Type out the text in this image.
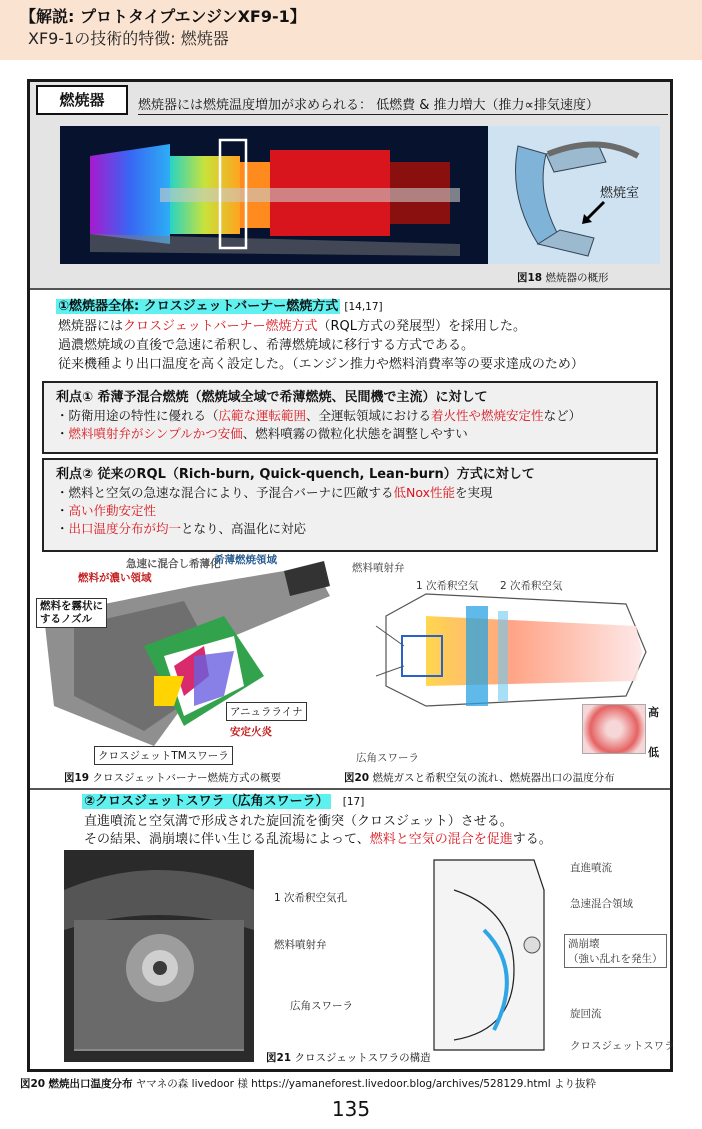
【解説: プロトタイプエンジンXF9-1】
XF9-1の技術的特徴: 燃焼器
燃焼器	燃焼器には燃焼温度増加が求められる： 低燃費 & 推力増大（推力∝排気速度）
燃焼室
図18 燃焼器の概形
①燃焼器全体: クロスジェットバーナー燃焼方式 [14,17]
燃焼器にはクロスジェットバーナー燃焼方式（RQL方式の発展型）を採用した。
過濃燃焼域の直後で急速に希釈し、希薄燃焼域に移行する方式である。
従来機種より出口温度を高く設定した。（エンジン推力や燃料消費率等の要求達成のため）
利点① 希薄予混合燃焼（燃焼域全域で希薄燃焼、民間機で主流）に対して
・防衛用途の特性に優れる（広範な運転範囲、全運転領域における着火性や燃焼安定性など）
・燃料噴射弁がシンプルかつ安価、燃料噴霧の微粒化状態を調整しやすい
利点② 従来のRQL（Rich-burn, Quick-quench, Lean-burn）方式に対して
・燃料と空気の急速な混合により、予混合バーナに匹敵する低Nox性能を実現
・高い作動安定性
・出口温度分布が均一となり、高温化に対応
急速に混合し希薄化
希薄燃焼領域
燃料が濃い領域
燃料を霧状に
するノズル
アニュラライナ
安定火炎
クロスジェットTMスワーラ
図19 クロスジェットバーナー燃焼方式の概要
燃料噴射弁
1 次希釈空気 2 次希釈空気
広角スワーラ
高
低
図20 燃焼ガスと希釈空気の流れ、燃焼器出口の温度分布
②クロスジェットスワラ（広角スワーラ） [17]
直進噴流と空気溝で形成された旋回流を衝突（クロスジェット）させる。
その結果、渦崩壊に伴い生じる乱流場によって、燃料と空気の混合を促進する。
1 次希釈空気孔
燃料噴射弁
広角スワーラ
直進噴流
急速混合領域
渦崩壊
（強い乱れを発生）
旋回流
クロスジェットスワラ
図21 クロスジェットスワラの構造
図20 燃焼出口温度分布 ヤマネの森 livedoor 様 https://yamaneforest.livedoor.blog/archives/528129.html より抜粋
135
